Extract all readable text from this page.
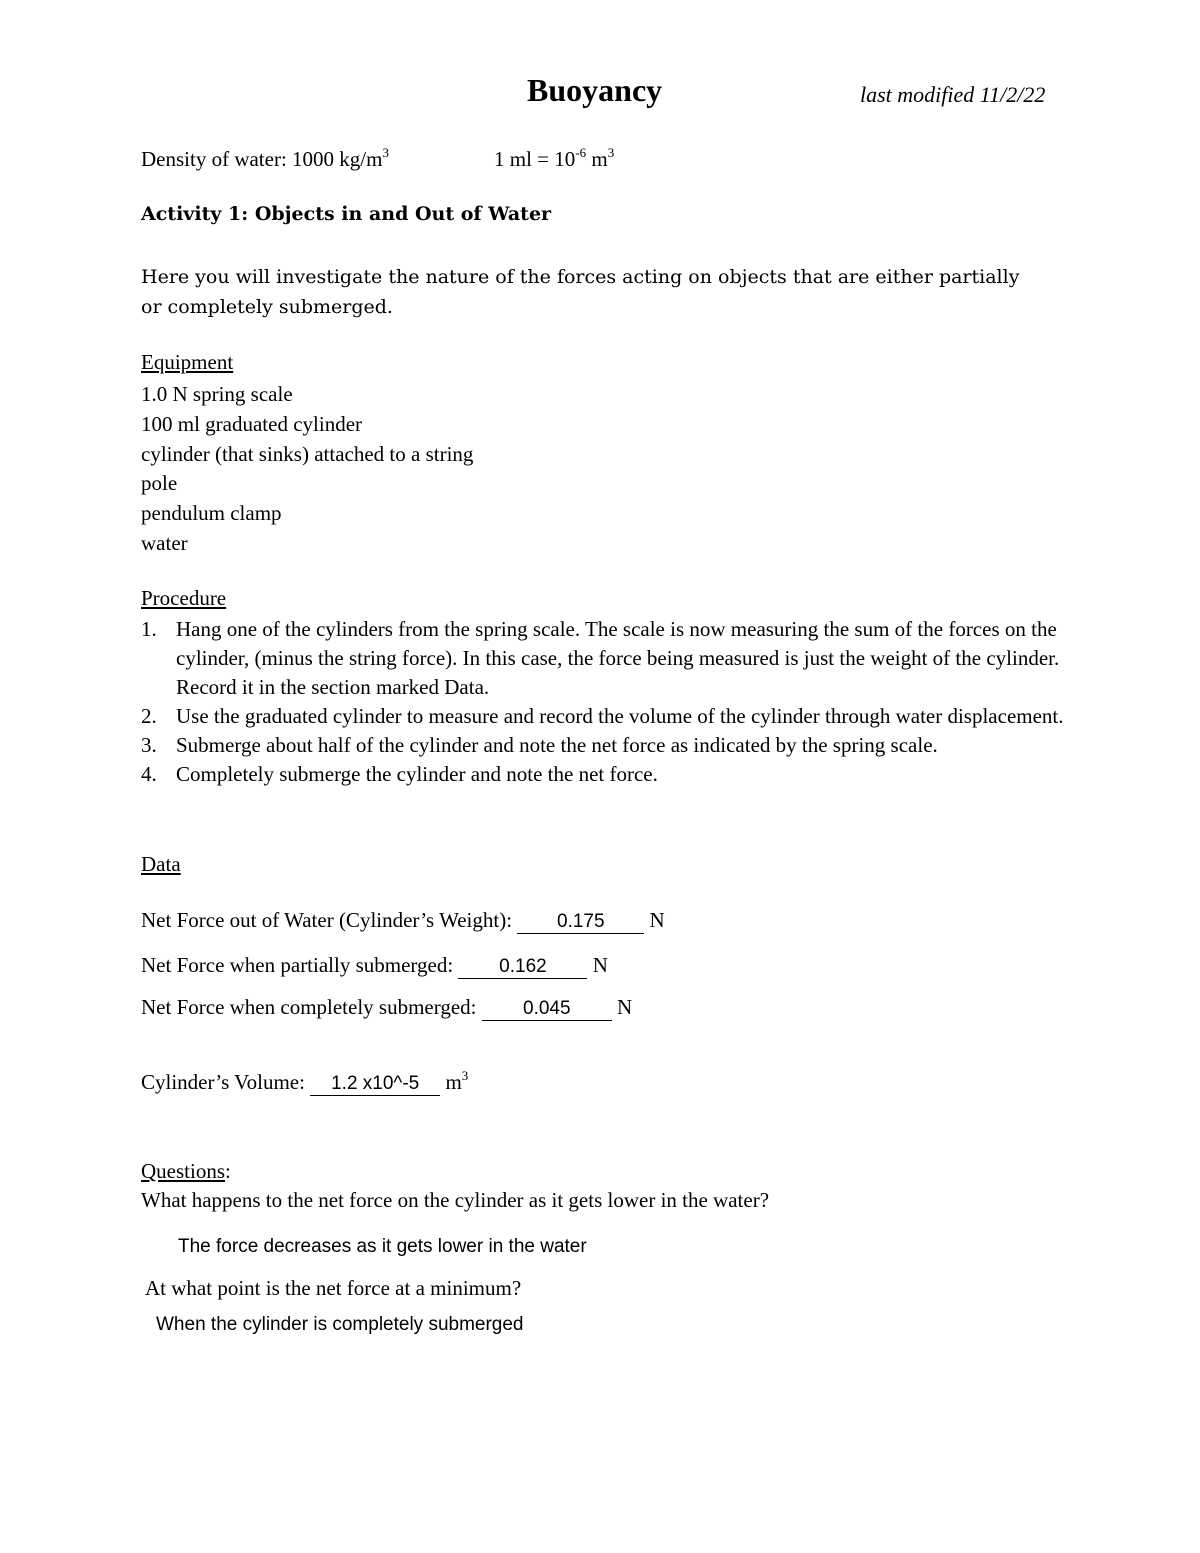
Buoyancy	last modified 11/2/22
Density of water: 1000 $kg/m^3$	1 ml = $10^{-6}$ $m^3$
Activity 1: Objects in and Out of Water

Here you will investigate the nature of the forces acting on objects that are either partially or completely submerged.

Equipment
1.0 N spring scale
100 ml graduated cylinder
cylinder (that sinks) attached to a string
pole
pendulum clamp
water
Procedure
1. Hang one of the cylinders from the spring scale. The scale is now measuring the sum of the forces on the cylinder, (minus the string force). In this case, the force being measured is just the weight of the cylinder. Record it in the section marked Data.
2. Use the graduated cylinder to measure and record the volume of the cylinder through water displacement.
3. Submerge about half of the cylinder and note the net force as indicated by the spring scale.
4. Completely submerge the cylinder and note the net force.
Data
Net Force out of Water (Cylinder’s Weight): 0.175 N
Net Force when partially submerged: 0.162 N
Net Force when completely submerged: 0.045 N
Cylinder’s Volume: 1.2 x10^-5 $m^3$
Questions:
What happens to the net force on the cylinder as it gets lower in the water?
The force decreases as it gets lower in the water
At what point is the net force at a minimum?
When the cylinder is completely submerged
